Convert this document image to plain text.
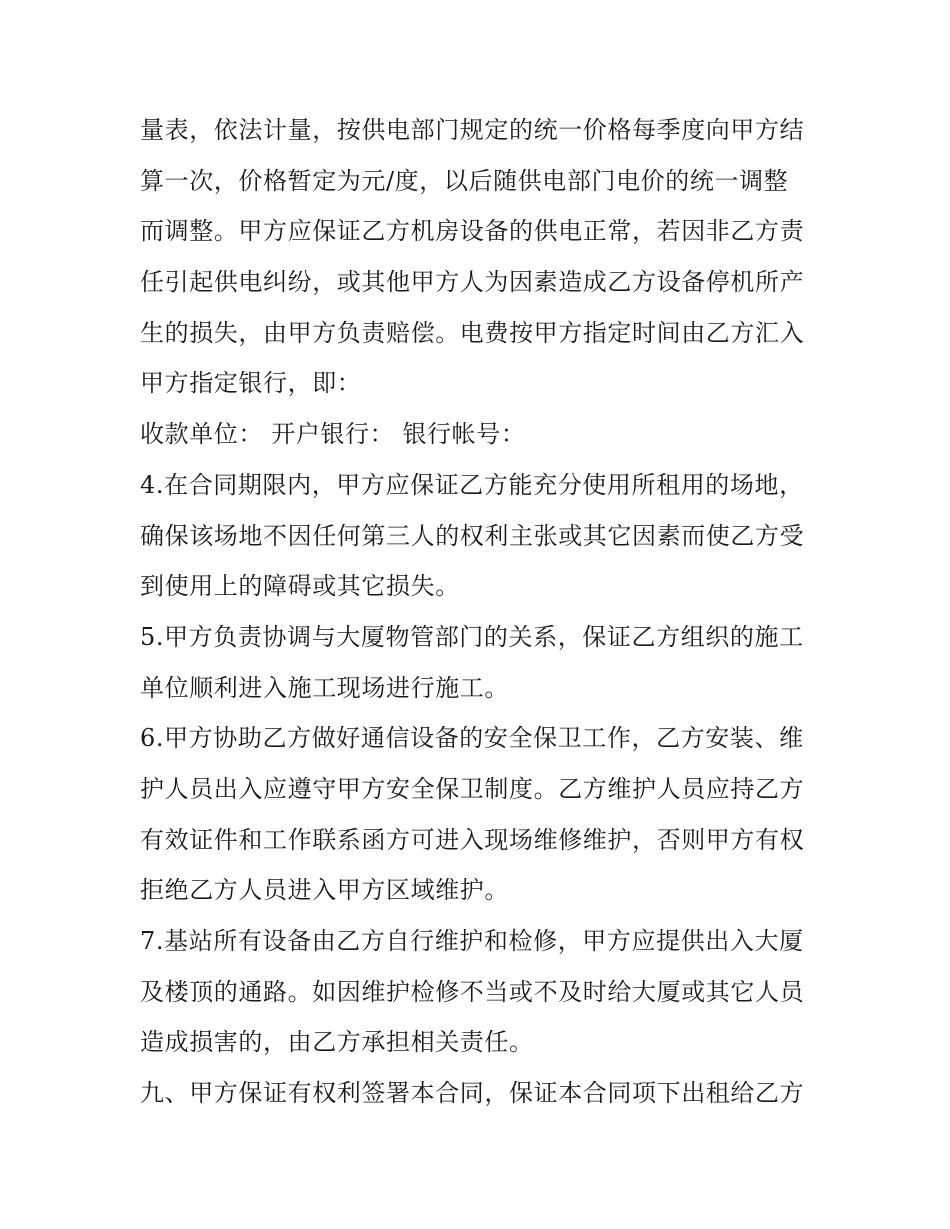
量表，依法计量，按供电部门规定的统一价格每季度向甲方结
算一次，价格暂定为元/度，以后随供电部门电价的统一调整
而调整。甲方应保证乙方机房设备的供电正常，若因非乙方责
任引起供电纠纷，或其他甲方人为因素造成乙方设备停机所产
生的损失，由甲方负责赔偿。电费按甲方指定时间由乙方汇入
甲方指定银行，即：
收款单位： 开户银行： 银行帐号：
4.在合同期限内，甲方应保证乙方能充分使用所租用的场地，
确保该场地不因任何第三人的权利主张或其它因素而使乙方受
到使用上的障碍或其它损失。
5.甲方负责协调与大厦物管部门的关系，保证乙方组织的施工
单位顺利进入施工现场进行施工。
6.甲方协助乙方做好通信设备的安全保卫工作，乙方安装、维
护人员出入应遵守甲方安全保卫制度。乙方维护人员应持乙方
有效证件和工作联系函方可进入现场维修维护，否则甲方有权
拒绝乙方人员进入甲方区域维护。
7.基站所有设备由乙方自行维护和检修，甲方应提供出入大厦
及楼顶的通路。如因维护检修不当或不及时给大厦或其它人员
造成损害的，由乙方承担相关责任。
九、甲方保证有权利签署本合同，保证本合同项下出租给乙方
